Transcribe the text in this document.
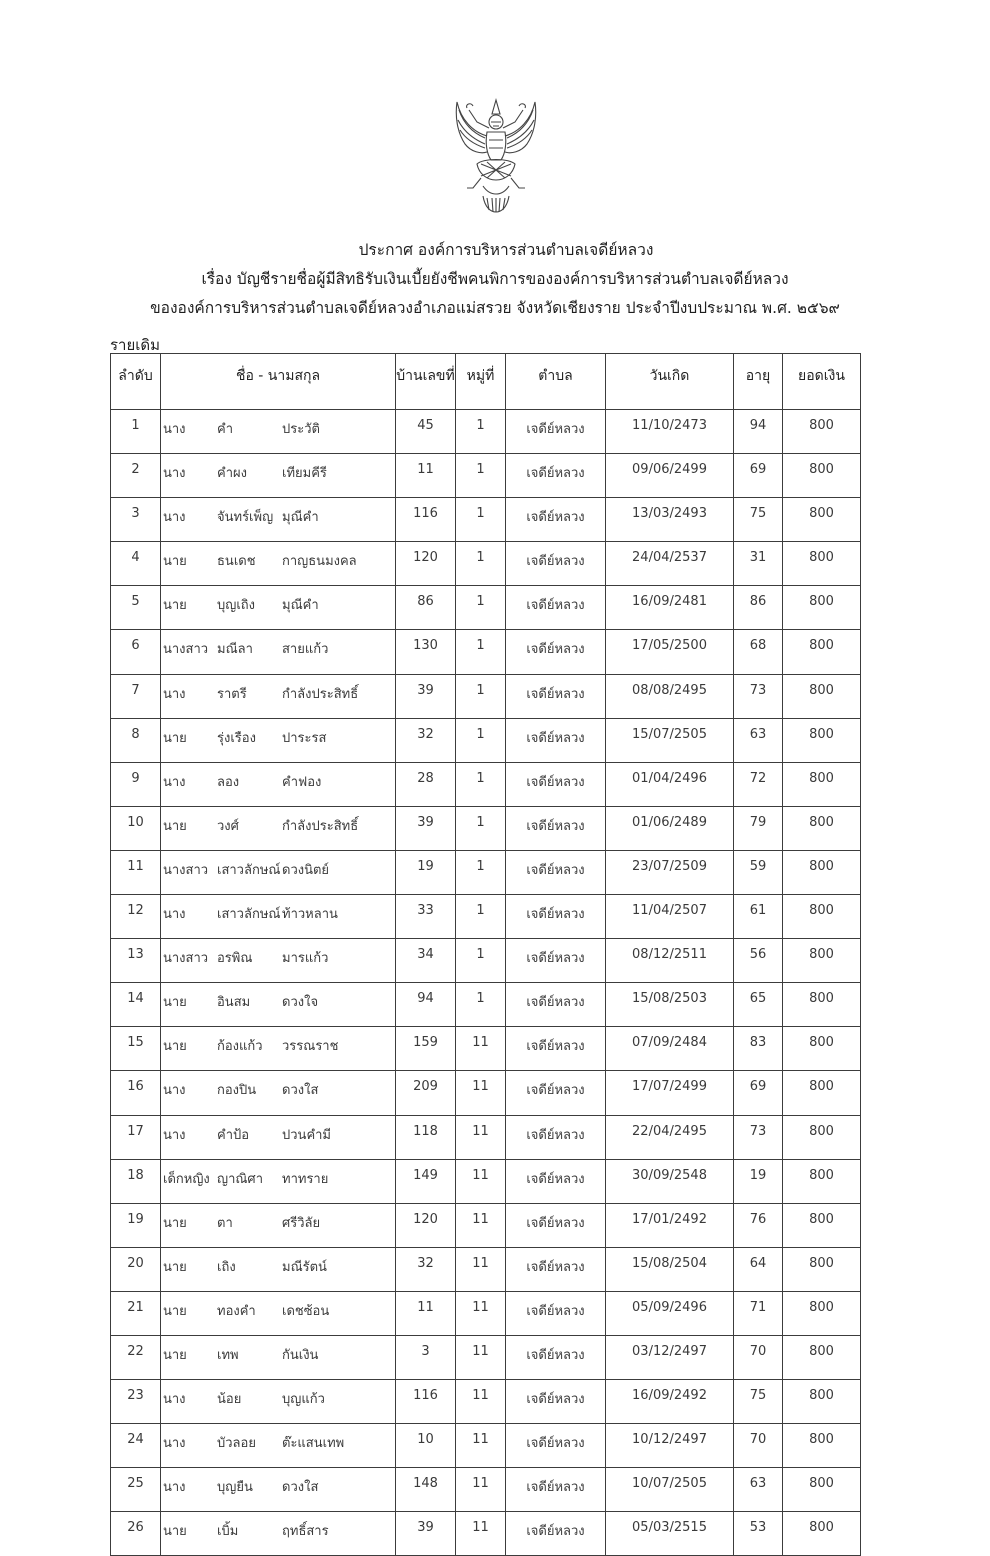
ประกาศ องค์การบริหารส่วนตำบลเจดีย์หลวง
เรื่อง บัญชีรายชื่อผู้มีสิทธิรับเงินเบี้ยยังชีพคนพิการขององค์การบริหารส่วนตำบลเจดีย์หลวง
ขององค์การบริหารส่วนตำบลเจดีย์หลวงอำเภอแม่สรวย จังหวัดเชียงราย ประจำปีงบประมาณ พ.ศ. ๒๕๖๙
รายเดิม
ลำดับ	ชื่อ - นามสกุล	บ้านเลขที่	หมู่ที่	ตำบล	วันเกิด	อายุ	ยอดเงิน
1	นาง คำ ประวัติ	45	1	เจดีย์หลวง	11/10/2473	94	800
2	นาง คำผง เทียมคีรี	11	1	เจดีย์หลวง	09/06/2499	69	800
3	นาง จันทร์เพ็ญ มุณีคำ	116	1	เจดีย์หลวง	13/03/2493	75	800
4	นาย ธนเดช กาญธนมงคล	120	1	เจดีย์หลวง	24/04/2537	31	800
5	นาย บุญเถิง มุณีคำ	86	1	เจดีย์หลวง	16/09/2481	86	800
6	นางสาว มณีลา สายแก้ว	130	1	เจดีย์หลวง	17/05/2500	68	800
7	นาง ราตรี กำลังประสิทธิ์	39	1	เจดีย์หลวง	08/08/2495	73	800
8	นาย รุ่งเรือง ปาระรส	32	1	เจดีย์หลวง	15/07/2505	63	800
9	นาง ลอง คำฟอง	28	1	เจดีย์หลวง	01/04/2496	72	800
10	นาย วงศ์ กำลังประสิทธิ์	39	1	เจดีย์หลวง	01/06/2489	79	800
11	นางสาว เสาวลักษณ์ ดวงนิตย์	19	1	เจดีย์หลวง	23/07/2509	59	800
12	นาง เสาวลักษณ์ ท้าวหลาน	33	1	เจดีย์หลวง	11/04/2507	61	800
13	นางสาว อรพิณ มารแก้ว	34	1	เจดีย์หลวง	08/12/2511	56	800
14	นาย อินสม ดวงใจ	94	1	เจดีย์หลวง	15/08/2503	65	800
15	นาย ก้องแก้ว วรรณราช	159	11	เจดีย์หลวง	07/09/2484	83	800
16	นาง กองปิน ดวงใส	209	11	เจดีย์หลวง	17/07/2499	69	800
17	นาง คำป้อ ปวนคำมี	118	11	เจดีย์หลวง	22/04/2495	73	800
18	เด็กหญิง ญาณิศา ทาทราย	149	11	เจดีย์หลวง	30/09/2548	19	800
19	นาย ตา ศรีวิลัย	120	11	เจดีย์หลวง	17/01/2492	76	800
20	นาย เถิง มณีรัตน์	32	11	เจดีย์หลวง	15/08/2504	64	800
21	นาย ทองคำ เดชซ้อน	11	11	เจดีย์หลวง	05/09/2496	71	800
22	นาย เทพ กันเงิน	3	11	เจดีย์หลวง	03/12/2497	70	800
23	นาง น้อย บุญแก้ว	116	11	เจดีย์หลวง	16/09/2492	75	800
24	นาง บัวลอย ต๊ะแสนเทพ	10	11	เจดีย์หลวง	10/12/2497	70	800
25	นาง บุญยืน ดวงใส	148	11	เจดีย์หลวง	10/07/2505	63	800
26	นาย เบิ้ม ฤทธิ์สาร	39	11	เจดีย์หลวง	05/03/2515	53	800
